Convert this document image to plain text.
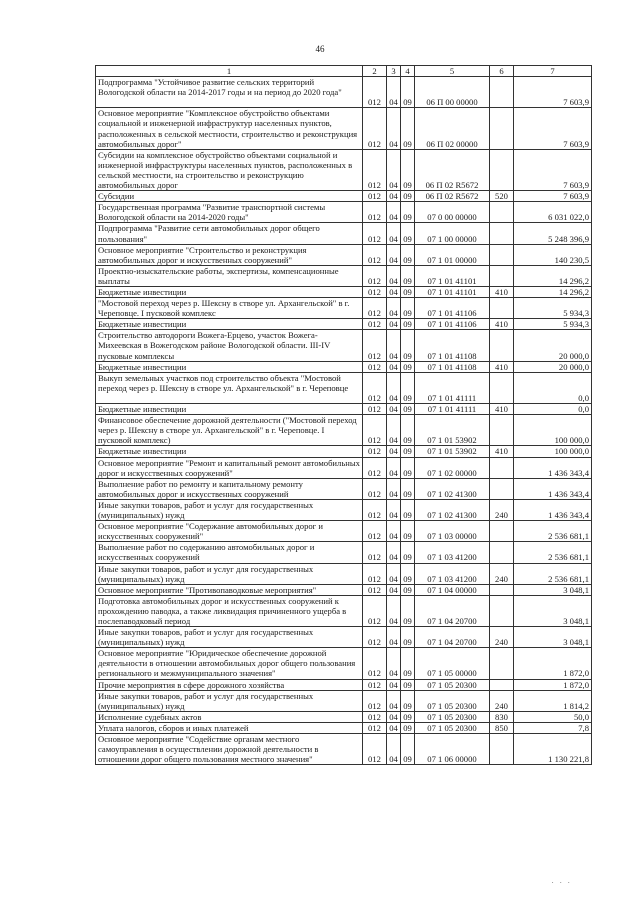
46
1	2	3	4	5	6	7
Подпрограмма "Устойчивое развитие сельских территорий Вологодской области на 2014-2017 годы и на период до 2020 года"	012	04	09	06 П 00 00000		7 603,9
Основное мероприятие "Комплексное обустройство объектами социальной и инженерной инфраструктур населенных пунктов, расположенных в сельской местности, строительство и реконструкция автомобильных дорог"	012	04	09	06 П 02 00000		7 603,9
Субсидии на комплексное обустройство объектами социальной и инженерной инфраструктуры населенных пунктов, расположенных в сельской местности, на строительство и реконструкцию автомобильных дорог	012	04	09	06 П 02 R5672		7 603,9
Субсидии	012	04	09	06 П 02 R5672	520	7 603,9
Государственная программа "Развитие транспортной системы Вологодской области на 2014-2020 годы"	012	04	09	07 0 00 00000		6 031 022,0
Подпрограмма "Развитие сети автомобильных дорог общего пользования"	012	04	09	07 1 00 00000		5 248 396,9
Основное мероприятие "Строительство и реконструкция автомобильных дорог и искусственных сооружений"	012	04	09	07 1 01 00000		140 230,5
Проектно-изыскательские работы, экспертизы, компенсационные выплаты	012	04	09	07 1 01 41101		14 296,2
Бюджетные инвестиции	012	04	09	07 1 01 41101	410	14 296,2
"Мостовой переход через р. Шексну в створе ул. Архангельской" в г. Череповце. I пусковой комплекс	012	04	09	07 1 01 41106		5 934,3
Бюджетные инвестиции	012	04	09	07 1 01 41106	410	5 934,3
Строительство автодороги Вожега-Ерцево, участок Вожега-Михеевская в Вожегодском районе Вологодской области. III-IV пусковые комплексы	012	04	09	07 1 01 41108		20 000,0
Бюджетные инвестиции	012	04	09	07 1 01 41108	410	20 000,0
Выкуп земельных участков под строительство объекта "Мостовой переход через р. Шексну в створе ул. Архангельской" в г. Череповце	012	04	09	07 1 01 41111		0,0
Бюджетные инвестиции	012	04	09	07 1 01 41111	410	0,0
Финансовое обеспечение дорожной деятельности ("Мостовой переход через р. Шексну в створе ул. Архангельской" в г. Череповце. I пусковой комплекс)	012	04	09	07 1 01 53902		100 000,0
Бюджетные инвестиции	012	04	09	07 1 01 53902	410	100 000,0
Основное мероприятие "Ремонт и капитальный ремонт автомобильных дорог и искусственных сооружений"	012	04	09	07 1 02 00000		1 436 343,4
Выполнение работ по ремонту и капитальному ремонту автомобильных дорог и искусственных сооружений	012	04	09	07 1 02 41300		1 436 343,4
Иные закупки товаров, работ и услуг для государственных (муниципальных) нужд	012	04	09	07 1 02 41300	240	1 436 343,4
Основное мероприятие "Содержание автомобильных дорог и искусственных сооружений"	012	04	09	07 1 03 00000		2 536 681,1
Выполнение работ по содержанию автомобильных дорог и искусственных сооружений	012	04	09	07 1 03 41200		2 536 681,1
Иные закупки товаров, работ и услуг для государственных (муниципальных) нужд	012	04	09	07 1 03 41200	240	2 536 681,1
Основное мероприятие "Противопаводковые мероприятия"	012	04	09	07 1 04 00000		3 048,1
Подготовка автомобильных дорог и искусственных сооружений к прохождению паводка, а также ликвидация причиненного ущерба в послепаводковый период	012	04	09	07 1 04 20700		3 048,1
Иные закупки товаров, работ и услуг для государственных (муниципальных) нужд	012	04	09	07 1 04 20700	240	3 048,1
Основное мероприятие "Юридическое обеспечение дорожной деятельности в отношении автомобильных дорог общего пользования регионального и межмуниципального значения"	012	04	09	07 1 05 00000		1 872,0
Прочие мероприятия в сфере дорожного хозяйства	012	04	09	07 1 05 20300		1 872,0
Иные закупки товаров, работ и услуг для государственных (муниципальных) нужд	012	04	09	07 1 05 20300	240	1 814,2
Исполнение судебных актов	012	04	09	07 1 05 20300	830	50,0
Уплата налогов, сборов и иных платежей	012	04	09	07 1 05 20300	850	7,8
Основное мероприятие "Содействие органам местного самоуправления в осуществлении дорожной деятельности в отношении дорог общего пользования местного значения"	012	04	09	07 1 06 00000		1 130 221,8
· · ·
